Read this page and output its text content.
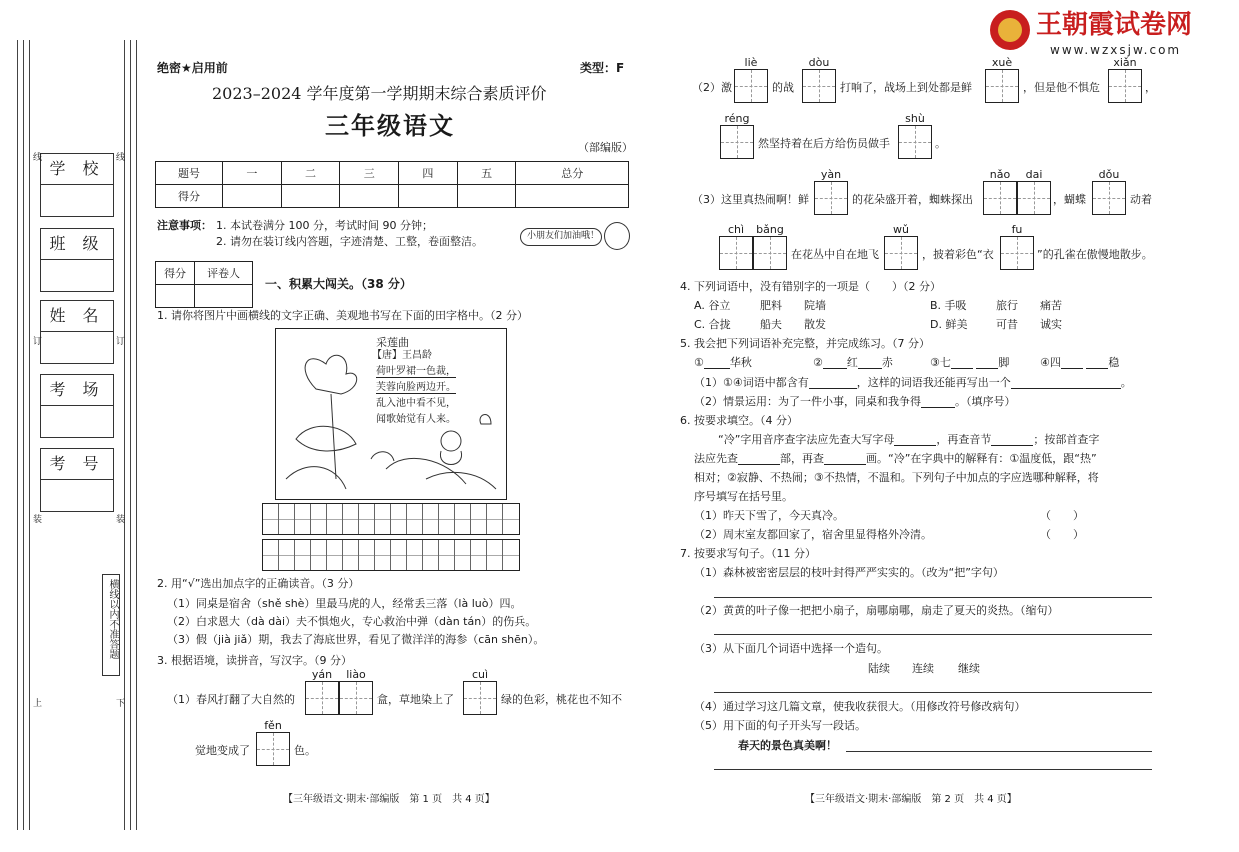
学 校
班 级
姓 名
考 场
考 号
线	线
订	订
装	装
上	下
横线以内不准答题
王朝霞试卷网
www.wzxsjw.com
绝密★启用前	类型：F
2023–2024 学年度第一学期期末综合素质评价
三年级语文
（部编版）
题号	一	二	三	四	五	总分
得分						
注意事项： 1. 本试卷满分 100 分，考试时间 90 分钟；
2. 请勿在装订线内答题，字迹清楚、工整，卷面整洁。	小朋友们加油哦！
得分	评卷人

一、积累大闯关。（38 分）
1. 请你将图片中画横线的文字正确、美观地书写在下面的田字格中。（2 分）
采莲曲
【唐】王昌龄
荷叶罗裙一色裁，
芙蓉向脸两边开。
乱入池中看不见，
闻歌始觉有人来。
2. 用“√”选出加点字的正确读音。（3 分）
（1）同桌是宿舍（shě shè）里最马虎的人，经常丢三落（là luò）四。
（2）白求恩大（dà dài）夫不惧炮火，专心救治中弹（dàn tán）的伤兵。
（3）假（jià jiǎ）期，我去了海底世界，看见了微洋洋的海参（cān shēn）。
3. 根据语境，读拼音，写汉字。（9 分）
（1）春风打翻了大自然的
yán	liào
盒，草地染上了
cuì
绿的色彩，桃花也不知不
觉地变成了
fěn
色。
【三年级语文·期末·部编版　第 1 页　共 4 页】
（2）激
liè
的战
dòu
打响了，战场上到处都是鲜
xuè
，但是他不惧危
xiǎn
，
réng
然坚持着在后方给伤员做手
shù
。
（3）这里真热闹啊！鲜
yàn
的花朵盛开着，蜘蛛探出
nǎo	dai
，蝴蝶
dǒu
动着
chì	bǎng
在花丛中自在地飞
wǔ
，披着彩色“衣
fu
”的孔雀在傲慢地散步。
4. 下列词语中，没有错别字的一项是（　　）（2 分）
A. 谷立	肥料 院墙	B. 手吸	旅行 痛苦
C. 合拢	船夫 散发	D. 鲜美	可昔 诚实
5. 我会把下列词语补充完整，并完成练习。（7 分）
① 华秋	② 红 赤	③七	脚	④四	稳
（1）①④词语中都含有	，这样的词语我还能再写出一个	。
（2）情景运用：为了一件小事，同桌和我争得	。（填序号）
6. 按要求填空。（4 分）
“冷”字用音序查字法应先查大写字母	，再查音节	；按部首查字
法应先查	部，再查	画。“冷”在字典中的解释有：①温度低，跟“热”
相对；②寂静、不热闹；③不热情，不温和。下列句子中加点的字应选哪种解释，将
序号填写在括号里。
（1）昨天下雪了，今天真冷。	（　　）
（2）周末室友都回家了，宿舍里显得格外冷清。	（　　）
7. 按要求写句子。（11 分）
（1）森林被密密层层的枝叶封得严严实实的。（改为“把”字句）
（2）黄黄的叶子像一把把小扇子，扇哪扇哪，扇走了夏天的炎热。（缩句）
（3）从下面几个词语中选择一个造句。
陆续 连续 继续
（4）通过学习这几篇文章，使我收获很大。（用修改符号修改病句）
（5）用下面的句子开头写一段话。
春天的景色真美啊！
【三年级语文·期末·部编版　第 2 页　共 4 页】
